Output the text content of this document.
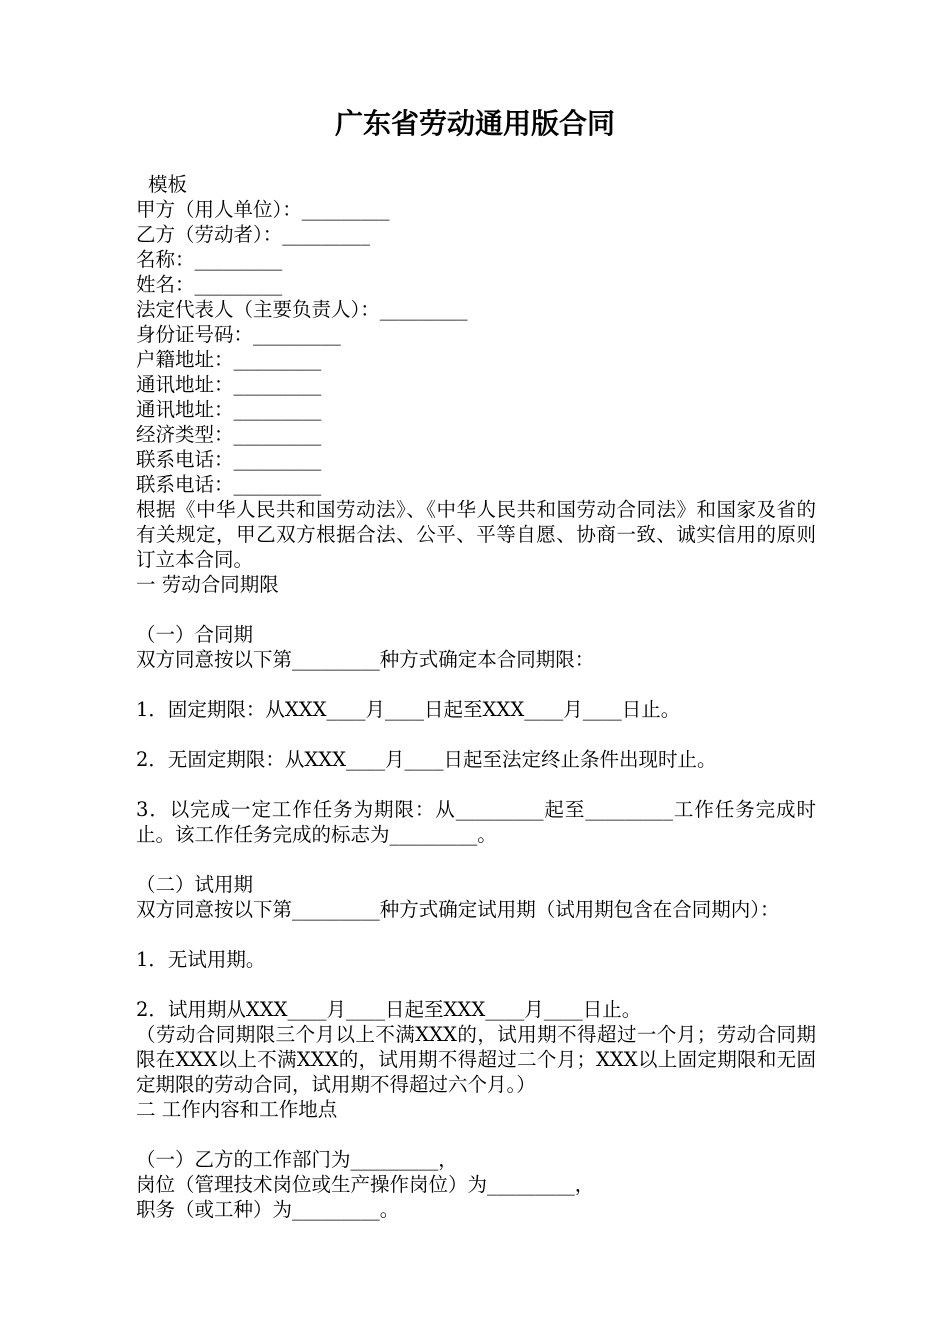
广东省劳动通用版合同
模板
甲方（用人单位）：_________
乙方（劳动者）：_________
名称：_________
姓名：_________
法定代表人（主要负责人）：_________
身份证号码：_________
户籍地址：_________
通讯地址：_________
通讯地址：_________
经济类型：_________
联系电话：_________
联系电话：_________
根据《中华人民共和国劳动法》、《中华人民共和国劳动合同法》和国家及省的有关规定，甲乙双方根据合法、公平、平等自愿、协商一致、诚实信用的原则订立本合同。
一 劳动合同期限
（一）合同期
双方同意按以下第_________种方式确定本合同期限：
1．固定期限：从XXX____月____日起至XXX____月____日止。
2．无固定期限：从XXX____月____日起至法定终止条件出现时止。
3．以完成一定工作任务为期限：从_________起至_________工作任务完成时止。该工作任务完成的标志为_________。
（二）试用期
双方同意按以下第_________种方式确定试用期（试用期包含在合同期内）：
1．无试用期。
2．试用期从XXX____月____日起至XXX____月____日止。
（劳动合同期限三个月以上不满XXX的，试用期不得超过一个月；劳动合同期限在XXX以上不满XXX的，试用期不得超过二个月；XXX以上固定期限和无固定期限的劳动合同，试用期不得超过六个月。）
二 工作内容和工作地点
（一）乙方的工作部门为_________，
岗位（管理技术岗位或生产操作岗位）为_________，
职务（或工种）为_________。
